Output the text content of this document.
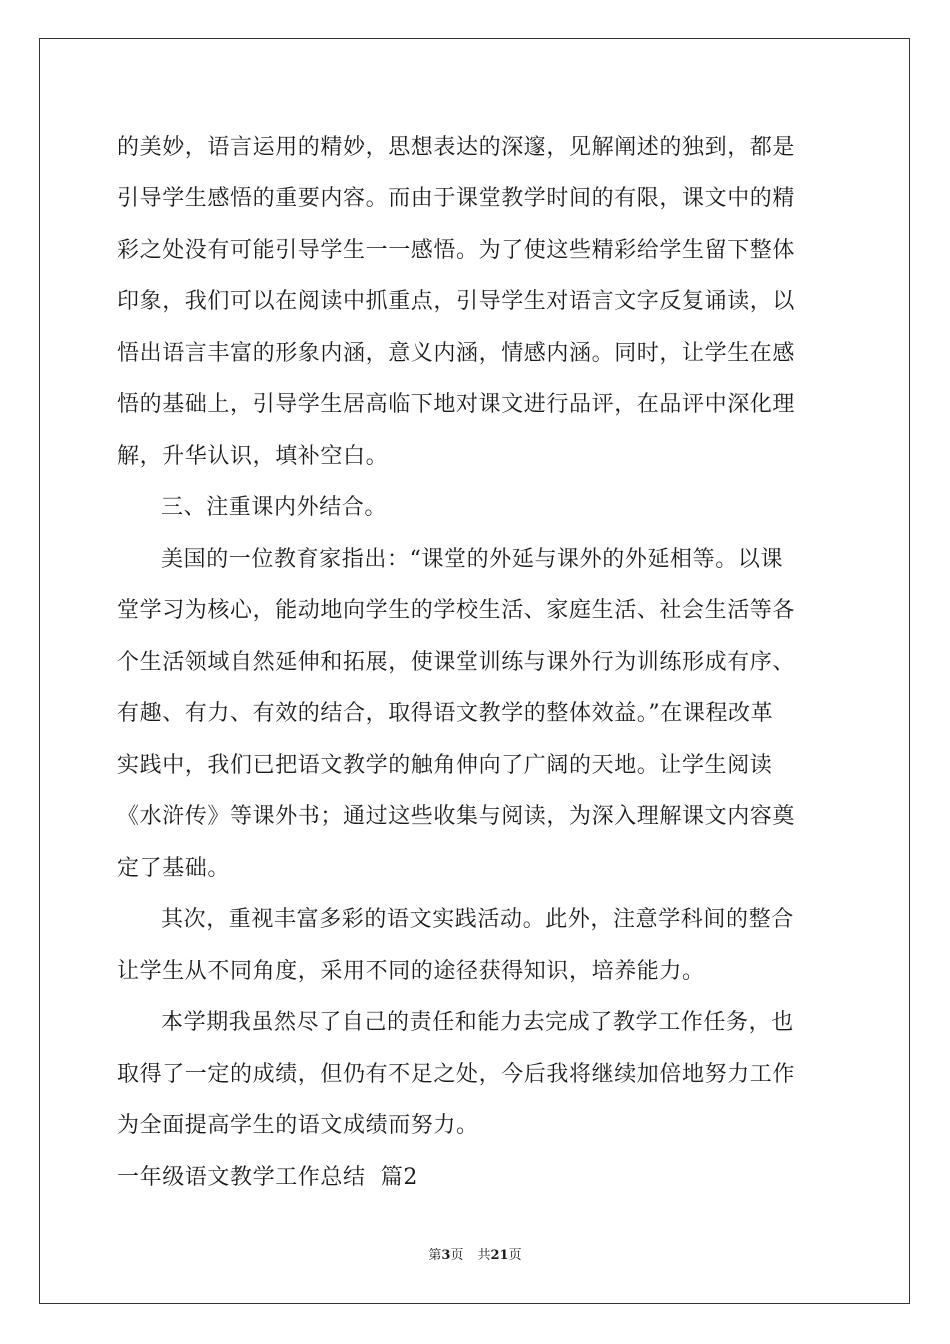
的美妙，语言运用的精妙，思想表达的深邃，见解阐述的独到，都是
引导学生感悟的重要内容。而由于课堂教学时间的有限，课文中的精
彩之处没有可能引导学生一一感悟。为了使这些精彩给学生留下整体
印象，我们可以在阅读中抓重点，引导学生对语言文字反复诵读，以
悟出语言丰富的形象内涵，意义内涵，情感内涵。同时，让学生在感
悟的基础上，引导学生居高临下地对课文进行品评，在品评中深化理
解，升华认识，填补空白。
三、注重课内外结合。
美国的一位教育家指出：“课堂的外延与课外的外延相等。以课
堂学习为核心，能动地向学生的学校生活、家庭生活、社会生活等各
个生活领域自然延伸和拓展，使课堂训练与课外行为训练形成有序、
有趣、有力、有效的结合，取得语文教学的整体效益。”在课程改革
实践中，我们已把语文教学的触角伸向了广阔的天地。让学生阅读
《水浒传》等课外书；通过这些收集与阅读，为深入理解课文内容奠
定了基础。
其次，重视丰富多彩的语文实践活动。此外，注意学科间的整合
让学生从不同角度，采用不同的途径获得知识，培养能力。
本学期我虽然尽了自己的责任和能力去完成了教学工作任务，也
取得了一定的成绩，但仍有不足之处，今后我将继续加倍地努力工作
为全面提高学生的语文成绩而努力。
一年级语文教学工作总结  篇2
第3页 共21页
